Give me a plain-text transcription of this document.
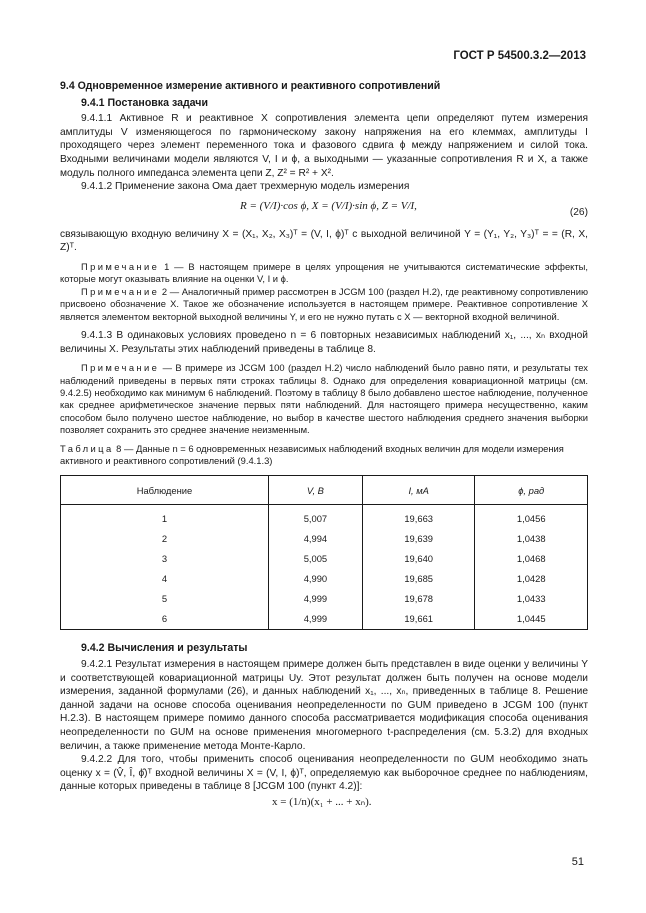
ГОСТ Р 54500.3.2—2013
9.4 Одновременное измерение активного и реактивного сопротивлений
9.4.1 Постановка задачи

9.4.1.1 Активное R и реактивное X сопротивления элемента цепи определяют путем измерения амплитуды V изменяющегося по гармоническому закону напряжения на его клеммах, амплитуды I проходящего через элемент переменного тока и фазового сдвига ϕ между напряжением и силой тока. Входными величинами модели являются V, I и ϕ, а выходными — указанные сопротивления R и X, а также модуль полного импеданса элемента цепи Z, Z² = R² + X².

9.4.1.2 Применение закона Ома дает трехмерную модель измерения

R = (V/I)·cos ϕ, X = (V/I)·sin ϕ, Z = V/I,
(26)

связывающую входную величину X = (X₁, X₂, X₃)ᵀ = (V, I, ϕ)ᵀ с выходной величиной Y = (Y₁, Y₂, Y₃)ᵀ = = (R, X, Z)ᵀ.

Примечание 1 — В настоящем примере в целях упрощения не учитываются систематические эффекты, которые могут оказывать влияние на оценки V, I и ϕ.

Примечание 2 — Аналогичный пример рассмотрен в JCGM 100 (раздел Н.2), где реактивному сопротивлению присвоено обозначение X. Такое же обозначение используется в настоящем примере. Реактивное сопротивление X является элементом векторной выходной величины Y, и его не нужно путать с X — векторной входной величиной.

9.4.1.3 В одинаковых условиях проведено n = 6 повторных независимых наблюдений x₁, ..., xₙ входной величины X. Результаты этих наблюдений приведены в таблице 8.

Примечание — В примере из JCGM 100 (раздел Н.2) число наблюдений было равно пяти, и результаты тех наблюдений приведены в первых пяти строках таблицы 8. Однако для определения ковариационной матрицы (см. 9.4.2.5) необходимо как минимум 6 наблюдений. Поэтому в таблицу 8 было добавлено шестое наблюдение, полученное как среднее арифметическое значение первых пяти наблюдений. Для настоящего примера несущественно, каким способом было получено шестое наблюдение, но выбор в качестве шестого наблюдения среднего значения выборки позволяет сохранить это среднее значение неизменным.

Таблица 8 — Данные n = 6 одновременных независимых наблюдений входных величин для модели измерения активного и реактивного сопротивлений (9.4.1.3)
Наблюдение	V, В	I, мА	ϕ, рад
1	5,007	19,663	1,0456
2	4,994	19,639	1,0438
3	5,005	19,640	1,0468
4	4,990	19,685	1,0428
5	4,999	19,678	1,0433
6	4,999	19,661	1,0445
9.4.2 Вычисления и результаты

9.4.2.1 Результат измерения в настоящем примере должен быть представлен в виде оценки y величины Y и соответствующей ковариационной матрицы Uy. Этот результат должен быть получен на основе модели измерения, заданной формулами (26), и данных наблюдений x₁, ..., xₙ, приведенных в таблице 8. Решение данной задачи на основе способа оценивания неопределенности по GUM приведено в JCGM 100 (пункт Н.2.3). В настоящем примере помимо данного способа рассматривается модификация способа оценивания неопределенности по GUM на основе применения многомерного t-распределения (см. 5.3.2) для входных величин, а также применение метода Монте-Карло.

9.4.2.2 Для того, чтобы применить способ оценивания неопределенности по GUM необходимо знать оценку x = (V̂, Î, ϕ̂)ᵀ входной величины X = (V, I, ϕ)ᵀ, определяемую как выборочное среднее по наблюдениям, данные которых приведены в таблице 8 [JCGM 100 (пункт 4.2)]:

x = (1/n)(x₁ + ... + xₙ).
51
